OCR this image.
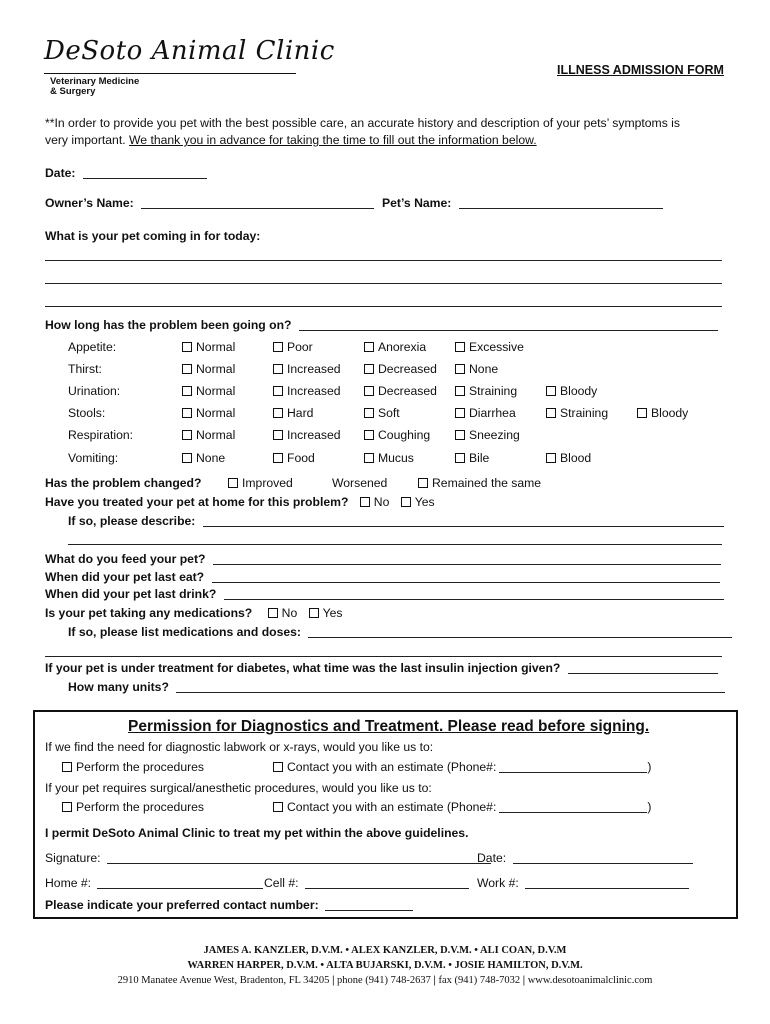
DeSoto Animal Clinic
Veterinary Medicine
& Surgery
ILLNESS ADMISSION FORM
**In order to provide you pet with the best possible care, an accurate history and description of your pets’ symptoms is
very important. We thank you in advance for taking the time to fill out the information below.
Date:
Owner’s Name:	Pet’s Name:
What is your pet coming in for today:
How long has the problem been going on?
Appetite:	Normal	Poor	Anorexia	Excessive
Thirst:	Normal	Increased	Decreased	None
Urination:	Normal	Increased	Decreased	Straining	Bloody
Stools:	Normal	Hard	Soft	Diarrhea	Straining	Bloody
Respiration:	Normal	Increased	Coughing	Sneezing
Vomiting:	None	Food	Mucus	Bile	Blood
Has the problem changed?	Improved	Worsened	Remained the same
Have you treated your pet at home for this problem? No Yes
If so, please describe:
What do you feed your pet?
When did your pet last eat?
When did your pet last drink?
Is your pet taking any medications? No Yes
If so, please list medications and doses:
If your pet is under treatment for diabetes, what time was the last insulin injection given?
How many units?
Permission for Diagnostics and Treatment. Please read before signing.
If we find the need for diagnostic labwork or x-rays, would you like us to:
Perform the procedures	Contact you with an estimate (Phone#:	)
If your pet requires surgical/anesthetic procedures, would you like us to:
Perform the procedures	Contact you with an estimate (Phone#:	)
I permit DeSoto Animal Clinic to treat my pet within the above guidelines.
Signature:	Date:
Home #:	Cell #:	Work #:
Please indicate your preferred contact number:
JAMES A. KANZLER, D.V.M. • ALEX KANZLER, D.V.M. • ALI COAN, D.V.M
WARREN HARPER, D.V.M. • ALTA BUJARSKI, D.V.M. • JOSIE HAMILTON, D.V.M.
2910 Manatee Avenue West, Bradenton, FL 34205 | phone (941) 748-2637 | fax (941) 748-7032 | www.desotoanimalclinic.com
